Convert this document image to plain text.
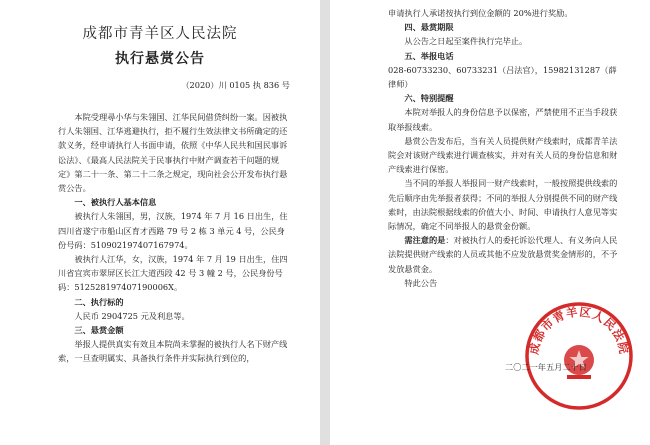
成都市青羊区人民法院
执行悬赏公告
（2020）川 0105 执 836 号

本院受理尋小华与朱翎国、江华民间借贷纠纷一案。因被执行人朱翎国、江华逃避执行，拒不履行生效法律文书所确定的还款义务，经申请执行人书面申请，依照《中华人民共和国民事诉讼法》、《最高人民法院关于民事执行中财产调查若干问题的规定》第二十一条、第二十二条之规定，现向社会公开发布执行悬赏公告。

一、被执行人基本信息

被执行人朱翎国，男，汉族，1974 年 7 月 16 日出生，住四川省遂宁市船山区育才西路 79 号 2 栋 3 单元 4 号，公民身份号码：510902197407167974。

被执行人江华，女，汉族，1974 年 7 月 19 日出生，住四川省宜宾市翠屏区长江大道西段 42 号 3 幢 2 号，公民身份号码：512528197407190006X。

二、执行标的

人民币 2904725 元及利息等。

三、悬赏金额

举报人提供真实有效且本院尚未掌握的被执行人名下财产线索，一旦查明属实、具备执行条件并实际执行到位的，

申请执行人承诺按执行到位金额的 20%进行奖励。

四、悬赏期限

从公告之日起至案件执行完毕止。

五、举报电话

028-60733230、60733231（吕法官），15982131287（薛律师）

六、特别提醒

本院对举报人的身份信息予以保密，严禁使用不正当手段获取举报线索。

悬赏公告发布后，当有关人员提供财产线索时，成都青羊法院会对该财产线索进行调查核实，并对有关人员的身份信息和财产线索进行保密。

当不同的举报人举报同一财产线索时，一般按照提供线索的先后顺序由先举报者获得；不同的举报人分别提供不同的财产线索时，由法院根据线索的价值大小、时间、申请执行人意见等实际情况，确定不同举报人的悬赏金份额。

需注意的是：对被执行人的委托诉讼代理人、有义务向人民法院提供财产线索的人员或其他不应发放悬赏奖金情形的，不予发放悬赏金。

特此公告

成都市青羊区人民法院
二〇二一年五月二十日
